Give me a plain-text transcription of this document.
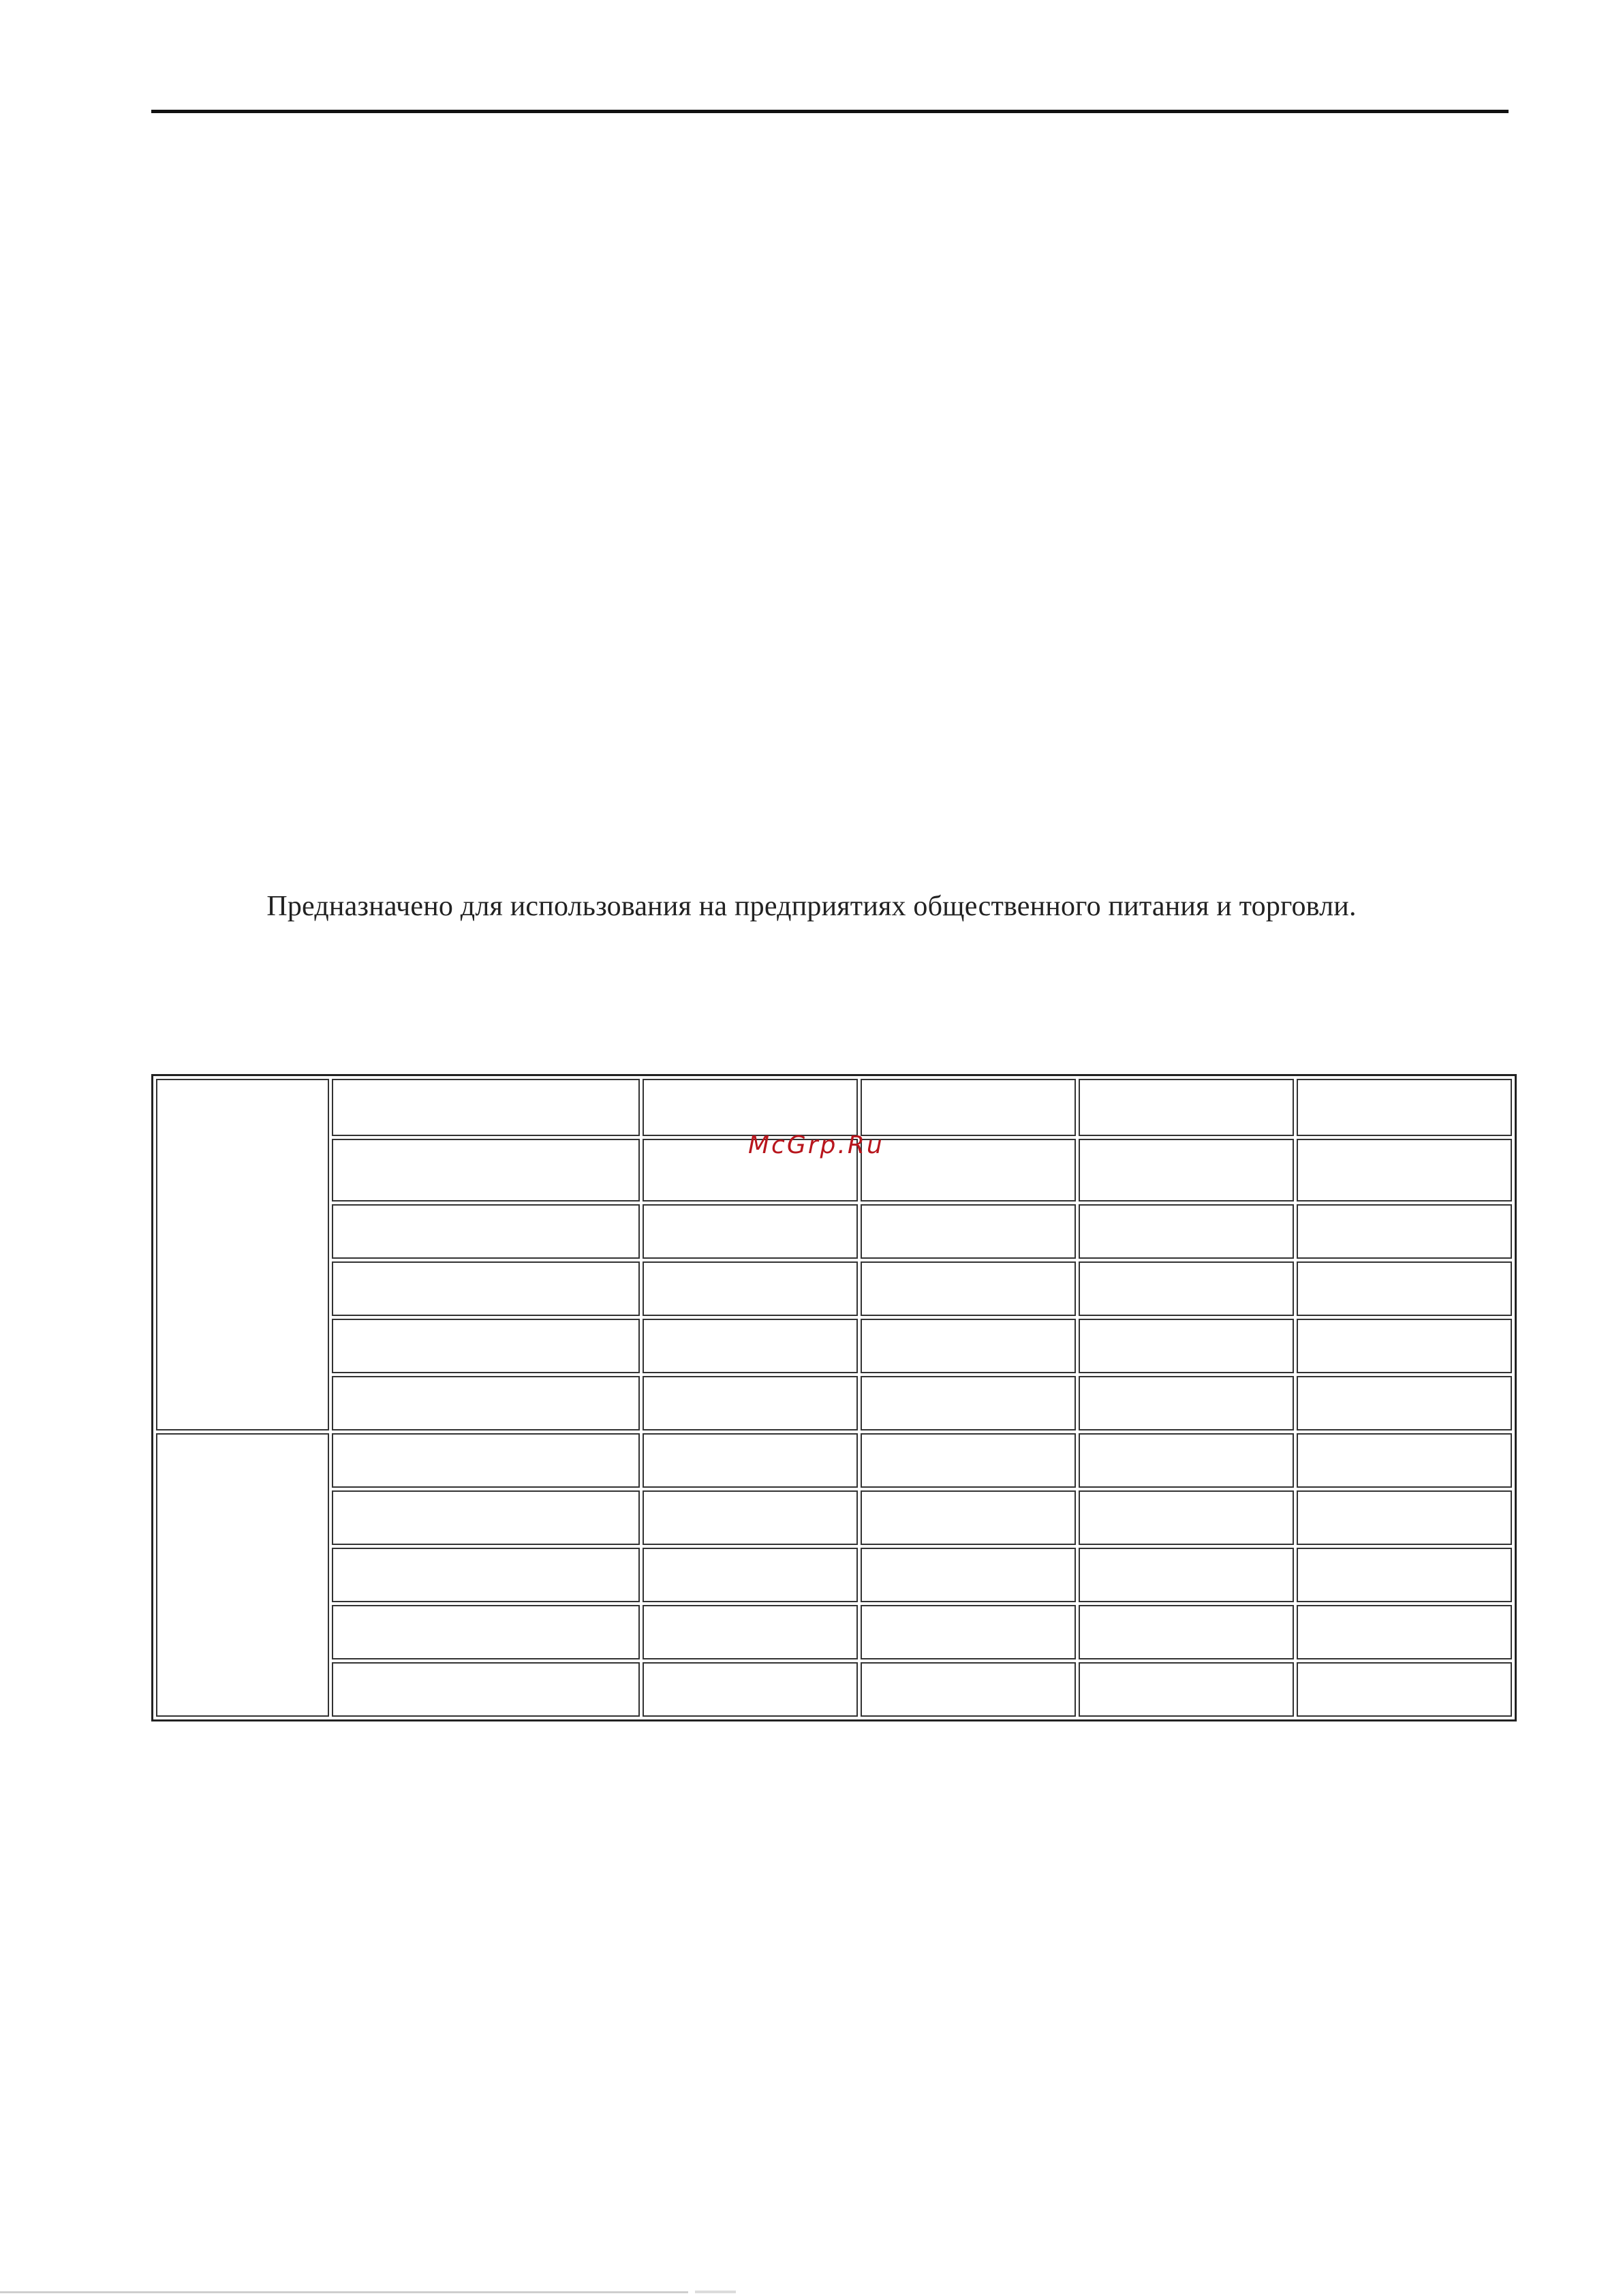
Предназначено для использования на предприятиях общественного питания и торговли.

McGrp.Ru
